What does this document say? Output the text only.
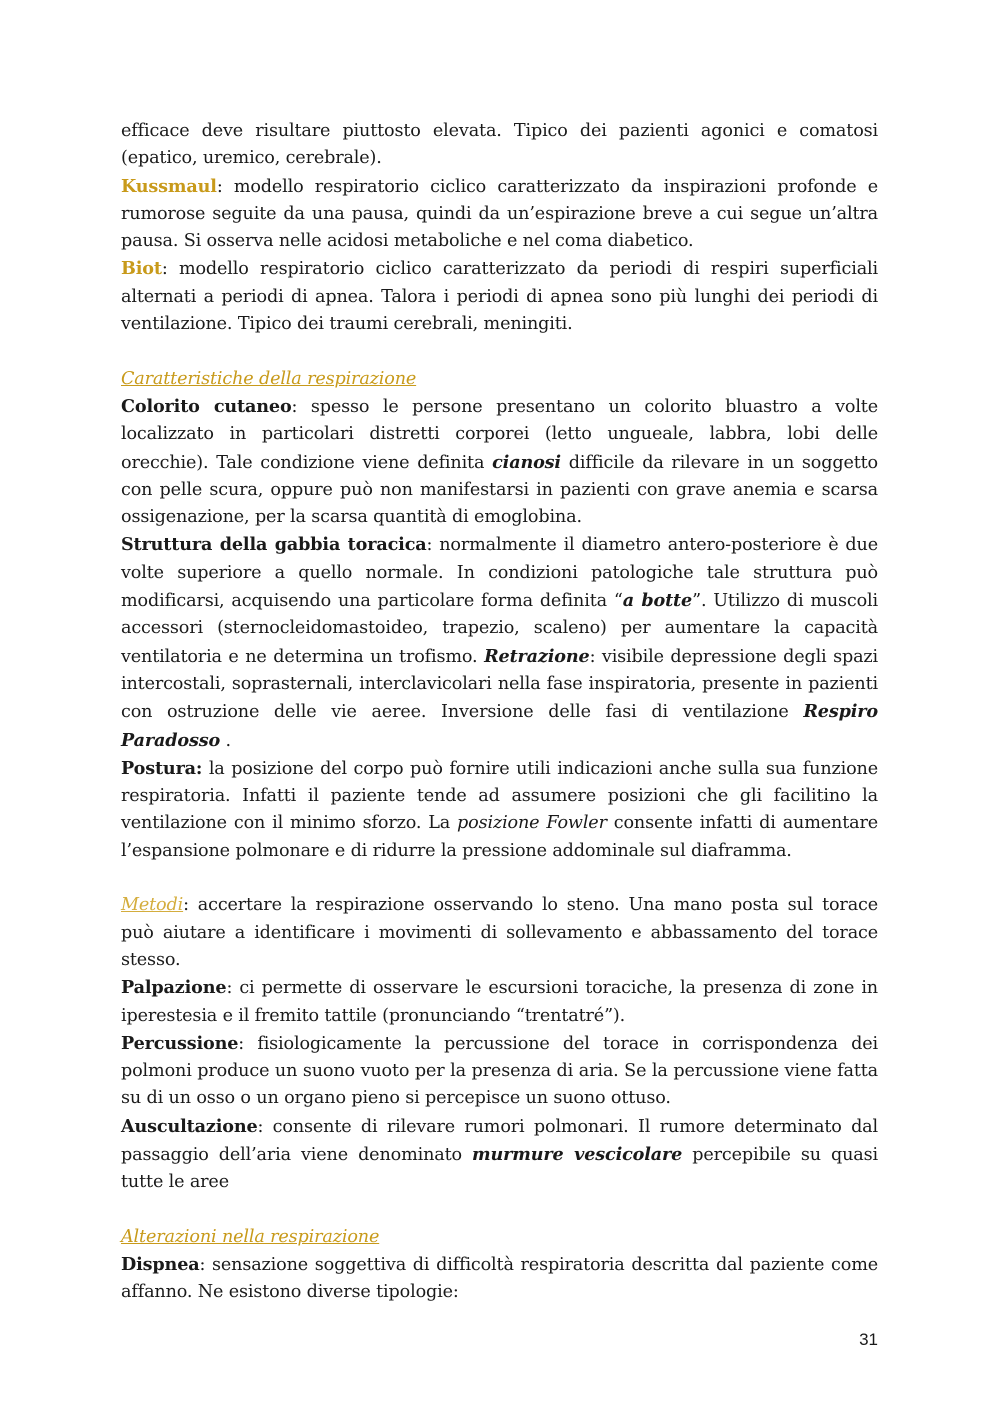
efficace deve risultare piuttosto elevata. Tipico dei pazienti agonici e comatosi (epatico, uremico, cerebrale).

Kussmaul: modello respiratorio ciclico caratterizzato da inspirazioni profonde e rumorose seguite da una pausa, quindi da un’espirazione breve a cui segue un’altra pausa. Si osserva nelle acidosi metaboliche e nel coma diabetico.

Biot: modello respiratorio ciclico caratterizzato da periodi di respiri superficiali alternati a periodi di apnea. Talora i periodi di apnea sono più lunghi dei periodi di ventilazione. Tipico dei traumi cerebrali, meningiti.

Caratteristiche della respirazione

Colorito cutaneo: spesso le persone presentano un colorito bluastro a volte localizzato in particolari distretti corporei (letto ungueale, labbra, lobi delle orecchie). Tale condizione viene definita cianosi difficile da rilevare in un soggetto con pelle scura, oppure può non manifestarsi in pazienti con grave anemia e scarsa ossigenazione, per la scarsa quantità di emoglobina.

Struttura della gabbia toracica: normalmente il diametro antero-posteriore è due volte superiore a quello normale. In condizioni patologiche tale struttura può modificarsi, acquisendo una particolare forma definita “a botte”. Utilizzo di muscoli accessori (sternocleidomastoideo, trapezio, scaleno) per aumentare la capacità ventilatoria e ne determina un trofismo. Retrazione: visibile depressione degli spazi intercostali, soprasternali, interclavicolari nella fase inspiratoria, presente in pazienti con ostruzione delle vie aeree. Inversione delle fasi di ventilazione Respiro Paradosso .

Postura: la posizione del corpo può fornire utili indicazioni anche sulla sua funzione respiratoria. Infatti il paziente tende ad assumere posizioni che gli facilitino la ventilazione con il minimo sforzo. La posizione Fowler consente infatti di aumentare l’espansione polmonare e di ridurre la pressione addominale sul diaframma.

Metodi: accertare la respirazione osservando lo steno. Una mano posta sul torace può aiutare a identificare i movimenti di sollevamento e abbassamento del torace stesso.

Palpazione: ci permette di osservare le escursioni toraciche, la presenza di zone in iperestesia e il fremito tattile (pronunciando “trentatré”).

Percussione: fisiologicamente la percussione del torace in corrispondenza dei polmoni produce un suono vuoto per la presenza di aria. Se la percussione viene fatta su di un osso o un organo pieno si percepisce un suono ottuso.

Auscultazione: consente di rilevare rumori polmonari. Il rumore determinato dal passaggio dell’aria viene denominato murmure vescicolare percepibile su quasi tutte le aree

Alterazioni nella respirazione

Dispnea: sensazione soggettiva di difficoltà respiratoria descritta dal paziente come affanno. Ne esistono diverse tipologie:

31
